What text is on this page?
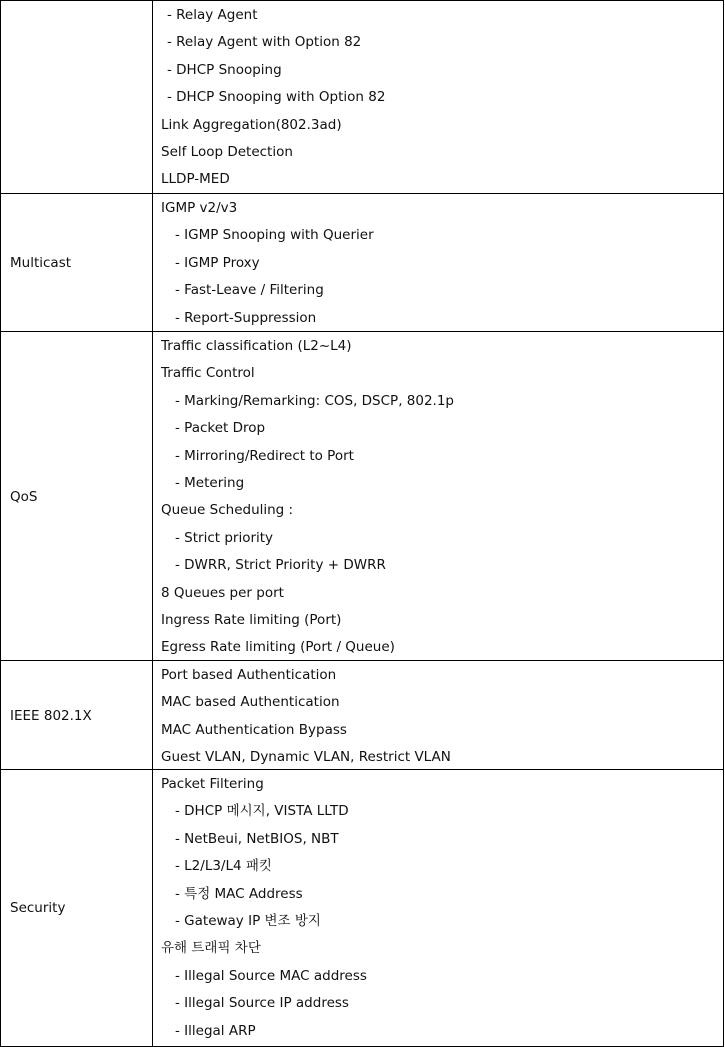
- Relay Agent
- Relay Agent with Option 82
- DHCP Snooping
- DHCP Snooping with Option 82
Link Aggregation(802.3ad)
Self Loop Detection
LLDP-MED
Multicast
IGMP v2/v3
- IGMP Snooping with Querier
- IGMP Proxy
- Fast-Leave / Filtering
- Report-Suppression
QoS
Traffic classification (L2~L4)
Traffic Control
- Marking/Remarking: COS, DSCP, 802.1p
- Packet Drop
- Mirroring/Redirect to Port
- Metering
Queue Scheduling :
- Strict priority
- DWRR, Strict Priority + DWRR
8 Queues per port
Ingress Rate limiting (Port)
Egress Rate limiting (Port / Queue)
IEEE 802.1X
Port based Authentication
MAC based Authentication
MAC Authentication Bypass
Guest VLAN, Dynamic VLAN, Restrict VLAN
Security
Packet Filtering
- DHCP 메시지, VISTA LLTD
- NetBeui, NetBIOS, NBT
- L2/L3/L4 패킷
- 특정 MAC Address
- Gateway IP 변조 방지
유해 트래픽 차단
- Illegal Source MAC address
- Illegal Source IP address
- Illegal ARP
